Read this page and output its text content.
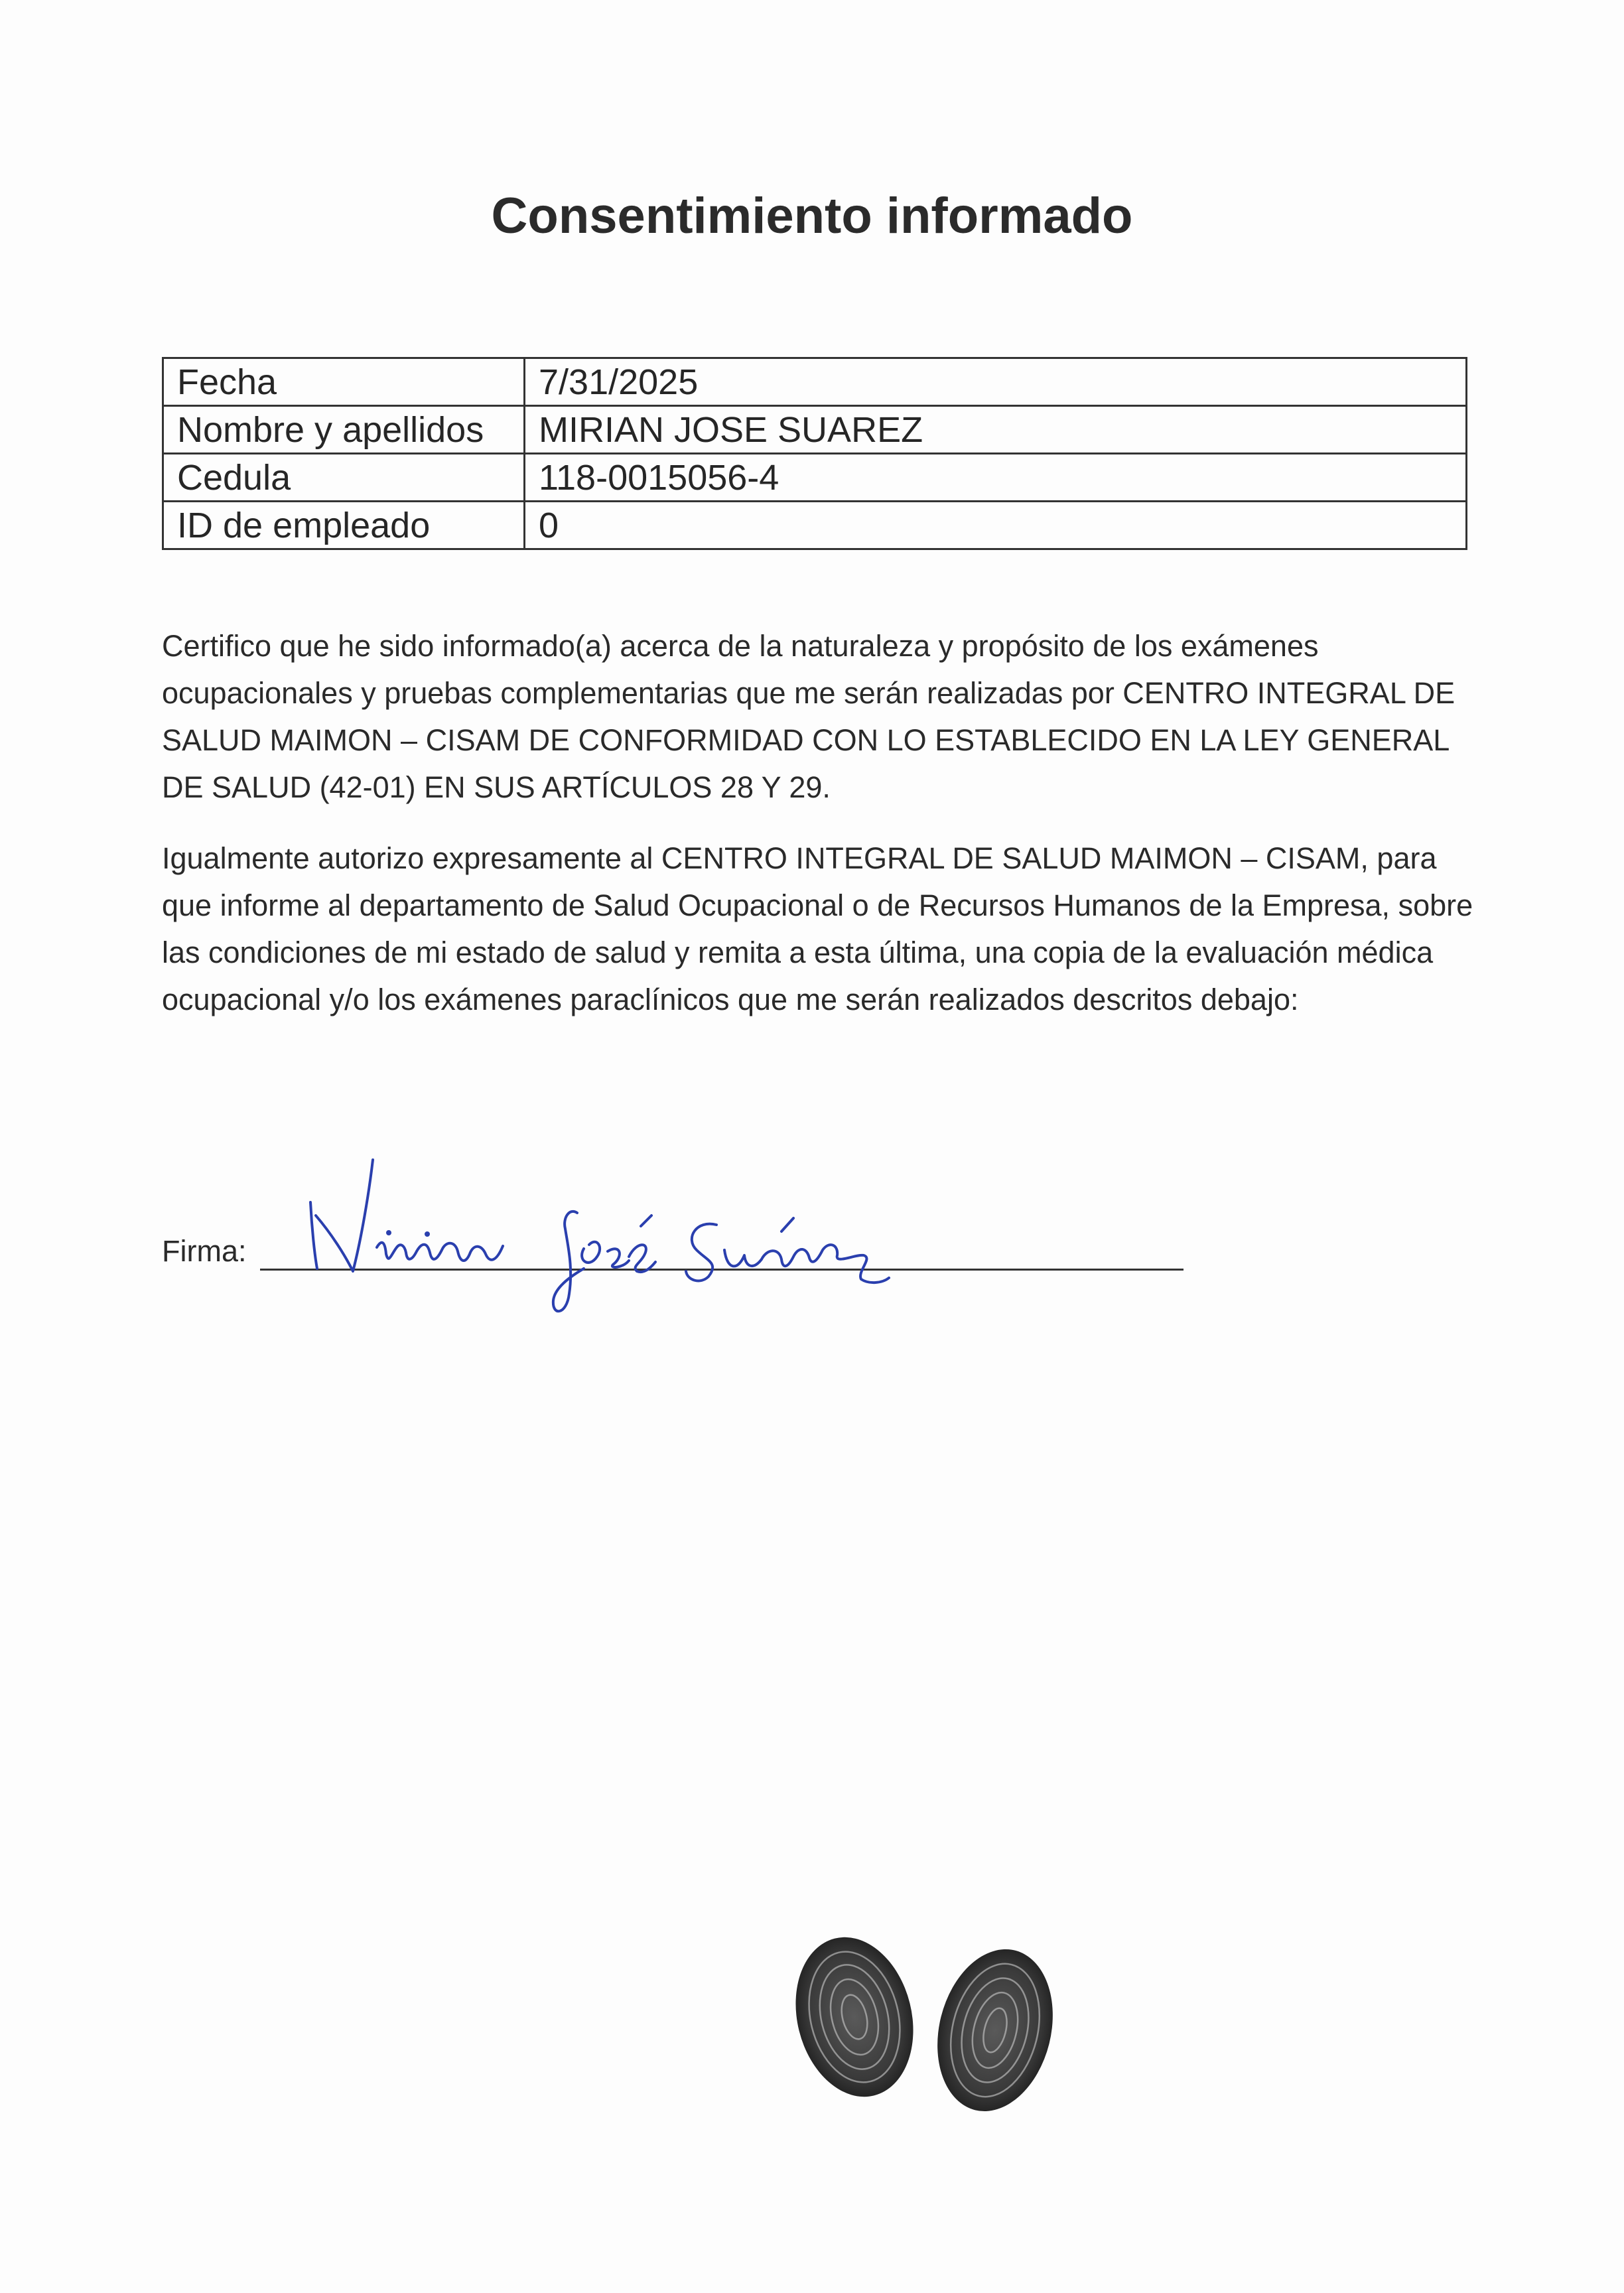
Consentimiento informado
Fecha	7/31/2025
Nombre y apellidos	MIRIAN JOSE SUAREZ
Cedula	118-0015056-4
ID de empleado	0

Certifico que he sido informado(a) acerca de la naturaleza y propósito de los exámenes ocupacionales y pruebas complementarias que me serán realizadas por CENTRO INTEGRAL DE SALUD MAIMON – CISAM DE CONFORMIDAD CON LO ESTABLECIDO EN LA LEY GENERAL DE SALUD (42-01) EN SUS ARTÍCULOS 28 Y 29.

Igualmente autorizo expresamente al CENTRO INTEGRAL DE SALUD MAIMON – CISAM, para que informe al departamento de Salud Ocupacional o de Recursos Humanos de la Empresa, sobre las condiciones de mi estado de salud y remita a esta última, una copia de la evaluación médica ocupacional y/o los exámenes paraclínicos que me serán realizados descritos debajo:

Firma:
